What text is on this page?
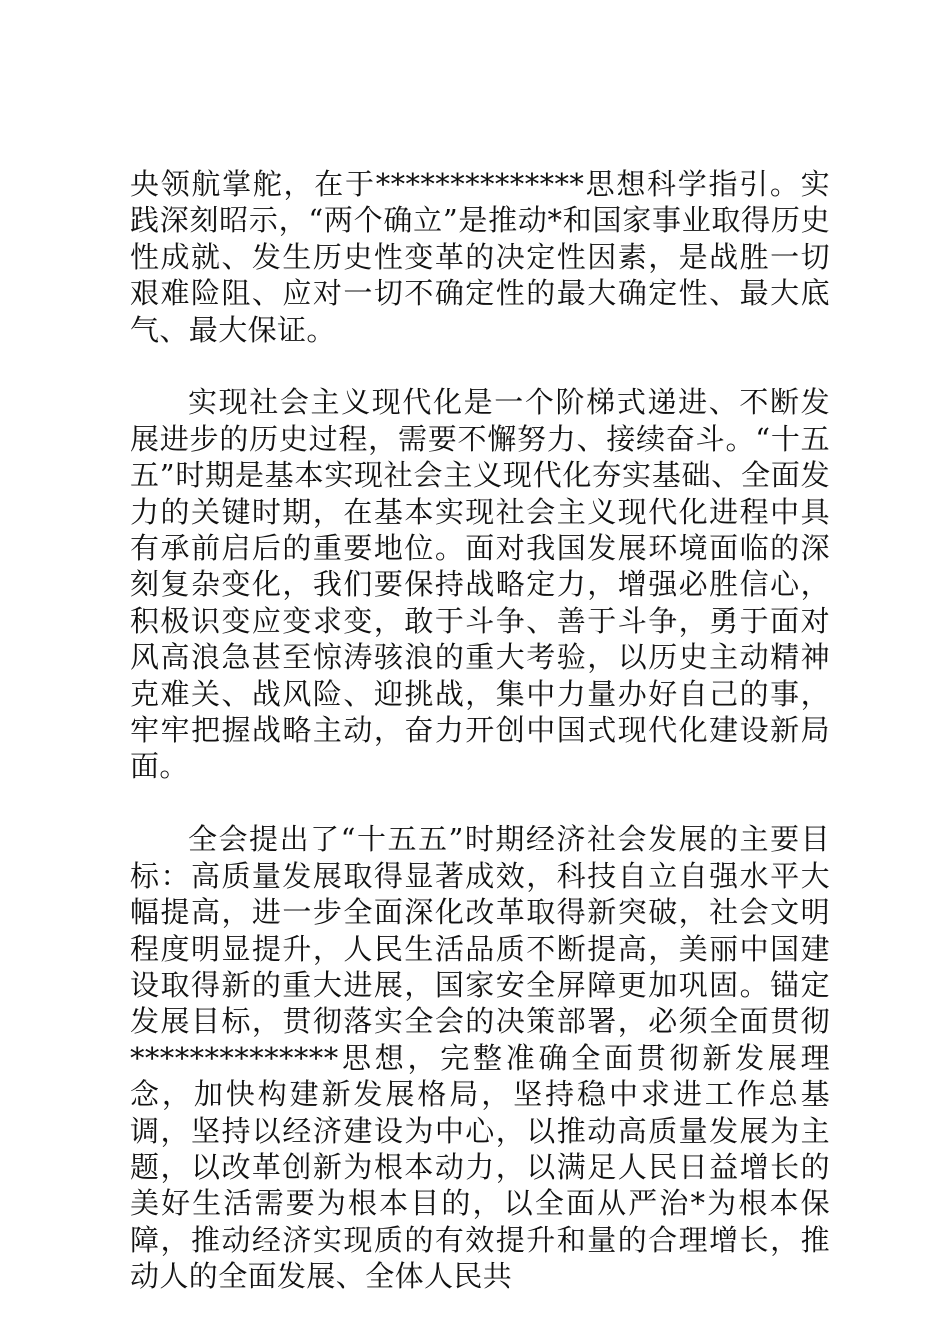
央领航掌舵，在于**************思想科学指引。实践深刻昭示，“两个确立”是推动*和国家事业取得历史性成就、发生历史性变革的决定性因素，是战胜一切艰难险阻、应对一切不确定性的最大确定性、最大底气、最大保证。

实现社会主义现代化是一个阶梯式递进、不断发展进步的历史过程，需要不懈努力、接续奋斗。“十五五”时期是基本实现社会主义现代化夯实基础、全面发力的关键时期，在基本实现社会主义现代化进程中具有承前启后的重要地位。面对我国发展环境面临的深刻复杂变化，我们要保持战略定力，增强必胜信心，积极识变应变求变，敢于斗争、善于斗争，勇于面对风高浪急甚至惊涛骇浪的重大考验，以历史主动精神克难关、战风险、迎挑战，集中力量办好自己的事，牢牢把握战略主动，奋力开创中国式现代化建设新局面。

全会提出了“十五五”时期经济社会发展的主要目标：高质量发展取得显著成效，科技自立自强水平大幅提高，进一步全面深化改革取得新突破，社会文明程度明显提升，人民生活品质不断提高，美丽中国建设取得新的重大进展，国家安全屏障更加巩固。锚定发展目标，贯彻落实全会的决策部署，必须全面贯彻**************思想，完整准确全面贯彻新发展理念，加快构建新发展格局，坚持稳中求进工作总基调，坚持以经济建设为中心，以推动高质量发展为主题，以改革创新为根本动力，以满足人民日益增长的美好生活需要为根本目的，以全面从严治*为根本保障，推动经济实现质的有效提升和量的合理增长，推动人的全面发展、全体人民共
